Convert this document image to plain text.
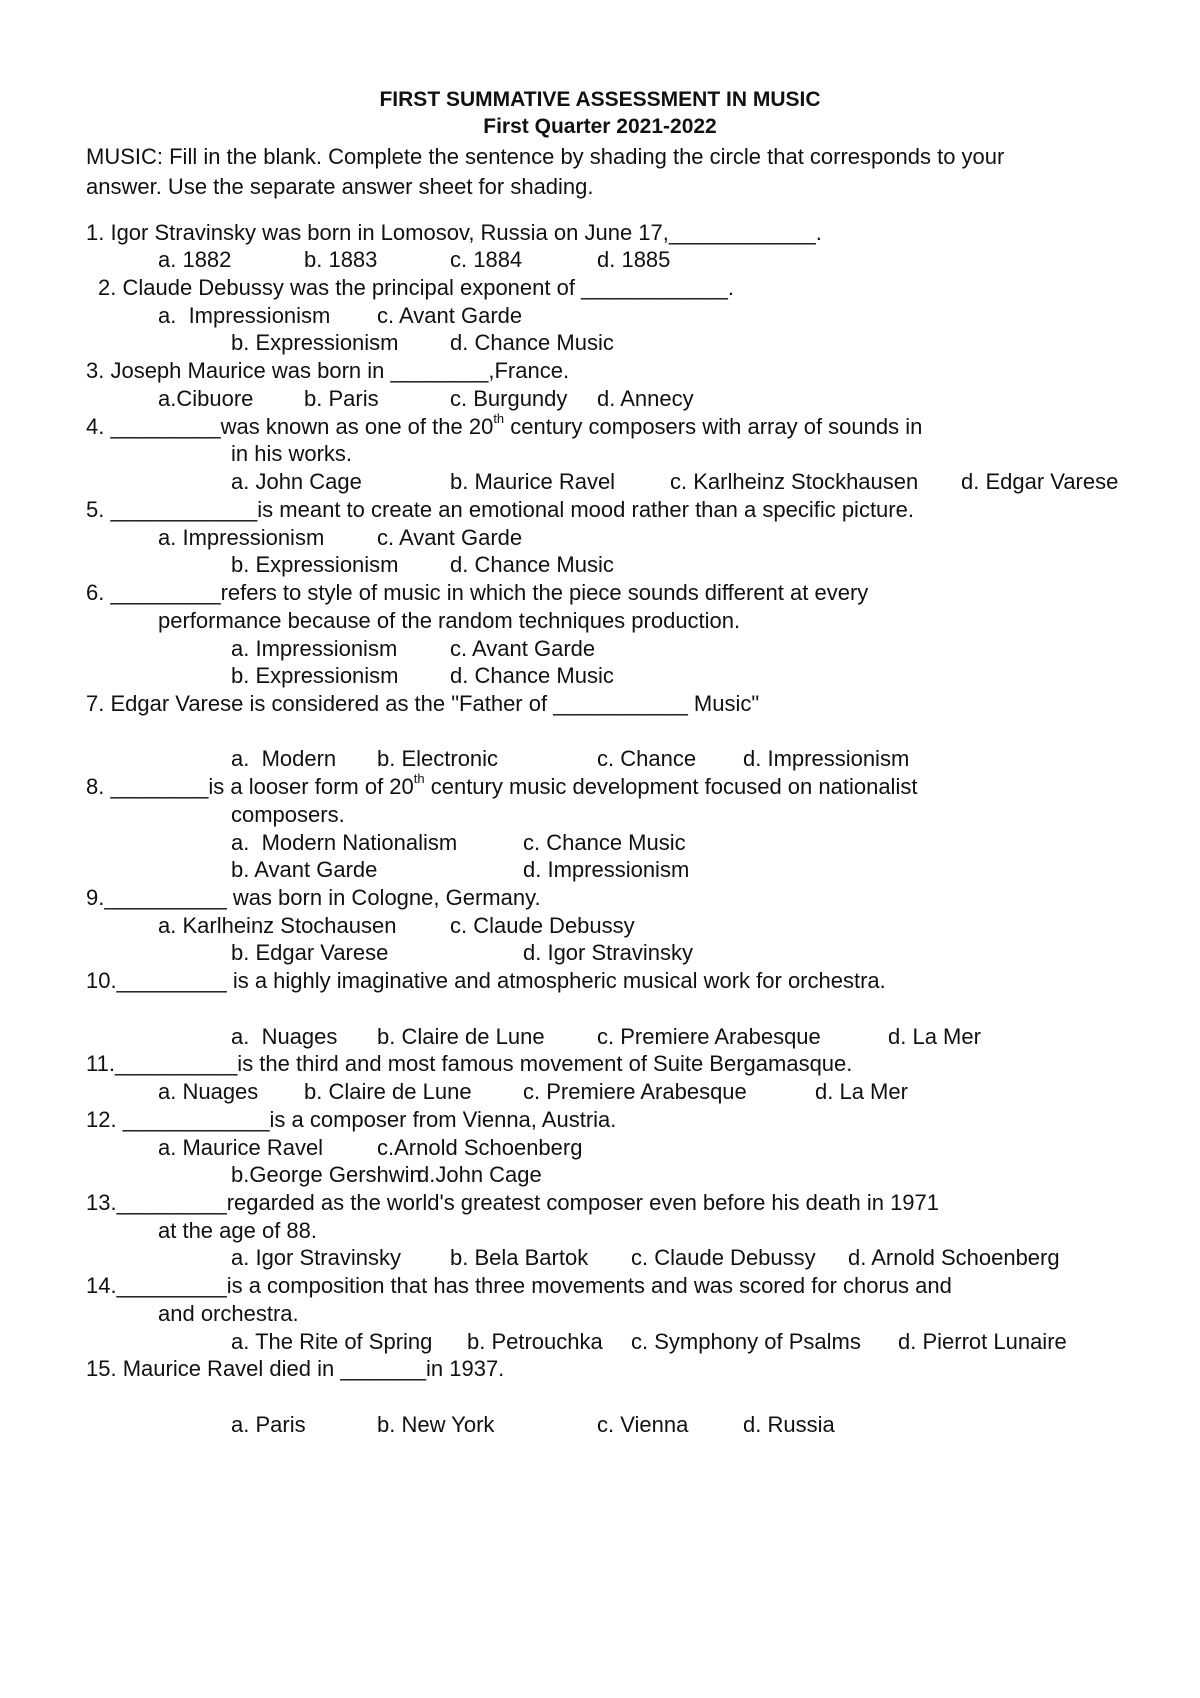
FIRST SUMMATIVE ASSESSMENT IN MUSIC
First Quarter 2021-2022
MUSIC: Fill in the blank. Complete the sentence by shading the circle that corresponds to your
answer. Use the separate answer sheet for shading.
1. Igor Stravinsky was born in Lomosov, Russia on June 17,____________.
a. 1882	b. 1883	c. 1884	d. 1885
2. Claude Debussy was the principal exponent of ____________.
a.  Impressionism c. Avant Garde
b. Expressionism d. Chance Music
3. Joseph Maurice was born in ________,France.
a.Cibuore b. Paris	c. Burgundy d. Annecy
4. _________was known as one of the 20th century composers with array of sounds in
in his works.
a. John Cage	b. Maurice Ravel c. Karlheinz Stockhausen d. Edgar Varese
5. ____________is meant to create an emotional mood rather than a specific picture.
a. Impressionism c. Avant Garde
b. Expressionism d. Chance Music
6. _________refers to style of music in which the piece sounds different at every
performance because of the random techniques production.
a. Impressionism c. Avant Garde
b. Expressionism d. Chance Music
7. Edgar Varese is considered as the "Father of ___________ Music"
a.  Modern b. Electronic	c. Chance d. Impressionism
8. ________is a looser form of 20th century music development focused on nationalist
composers.
a.  Modern Nationalism	c. Chance Music
b. Avant Garde	d. Impressionism
9.__________ was born in Cologne, Germany.
a. Karlheinz Stochausen c. Claude Debussy
b. Edgar Varese	d. Igor Stravinsky
10._________ is a highly imaginative and atmospheric musical work for orchestra.
a.  Nuages b. Claire de Lune c. Premiere Arabesque	d. La Mer
11.__________is the third and most famous movement of Suite Bergamasque.
a. Nuages b. Claire de Lune c. Premiere Arabesque	d. La Mer
12. ____________is a composer from Vienna, Austria.
a. Maurice Ravel c.Arnold Schoenberg
b.George Gershwin
d.John Cage
13._________regarded as the world's greatest composer even before his death in 1971
at the age of 88.
a. Igor Stravinsky b. Bela Bartok c. Claude Debussy d. Arnold Schoenberg
14._________is a composition that has three movements and was scored for chorus and
and orchestra.
a. The Rite of Spring b. Petrouchka c. Symphony of Psalms d. Pierrot Lunaire
15. Maurice Ravel died in _______in 1937.
a. Paris	b. New York	c. Vienna d. Russia
